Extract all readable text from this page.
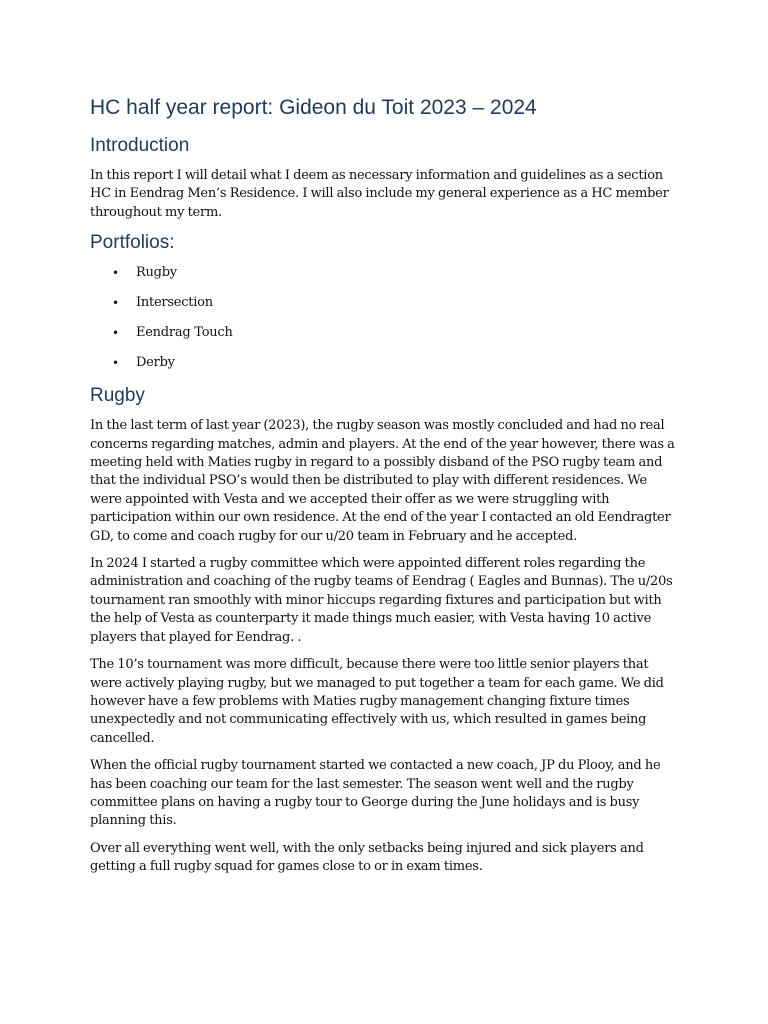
HC half year report: Gideon du Toit 2023 – 2024
Introduction

In this report I will detail what I deem as necessary information and guidelines as a section HC in Eendrag Men’s Residence. I will also include my general experience as a HC member throughout my term.

Portfolios:
• Rugby
• Intersection
• Eendrag Touch
• Derby
Rugby

In the last term of last year (2023), the rugby season was mostly concluded and had no real concerns regarding matches, admin and players. At the end of the year however, there was a meeting held with Maties rugby in regard to a possibly disband of the PSO rugby team and that the individual PSO’s would then be distributed to play with different residences. We were appointed with Vesta and we accepted their offer as we were struggling with participation within our own residence. At the end of the year I contacted an old Eendragter GD, to come and coach rugby for our u/20 team in February and he accepted.

In 2024 I started a rugby committee which were appointed different roles regarding the administration and coaching of the rugby teams of Eendrag ( Eagles and Bunnas). The u/20s tournament ran smoothly with minor hiccups regarding fixtures and participation but with the help of Vesta as counterparty it made things much easier, with Vesta having 10 active players that played for Eendrag. .

The 10’s tournament was more difficult, because there were too little senior players that were actively playing rugby, but we managed to put together a team for each game. We did however have a few problems with Maties rugby management changing fixture times unexpectedly and not communicating effectively with us, which resulted in games being cancelled.

When the official rugby tournament started we contacted a new coach, JP du Plooy, and he has been coaching our team for the last semester. The season went well and the rugby committee plans on having a rugby tour to George during the June holidays and is busy planning this.

Over all everything went well, with the only setbacks being injured and sick players and getting a full rugby squad for games close to or in exam times.
